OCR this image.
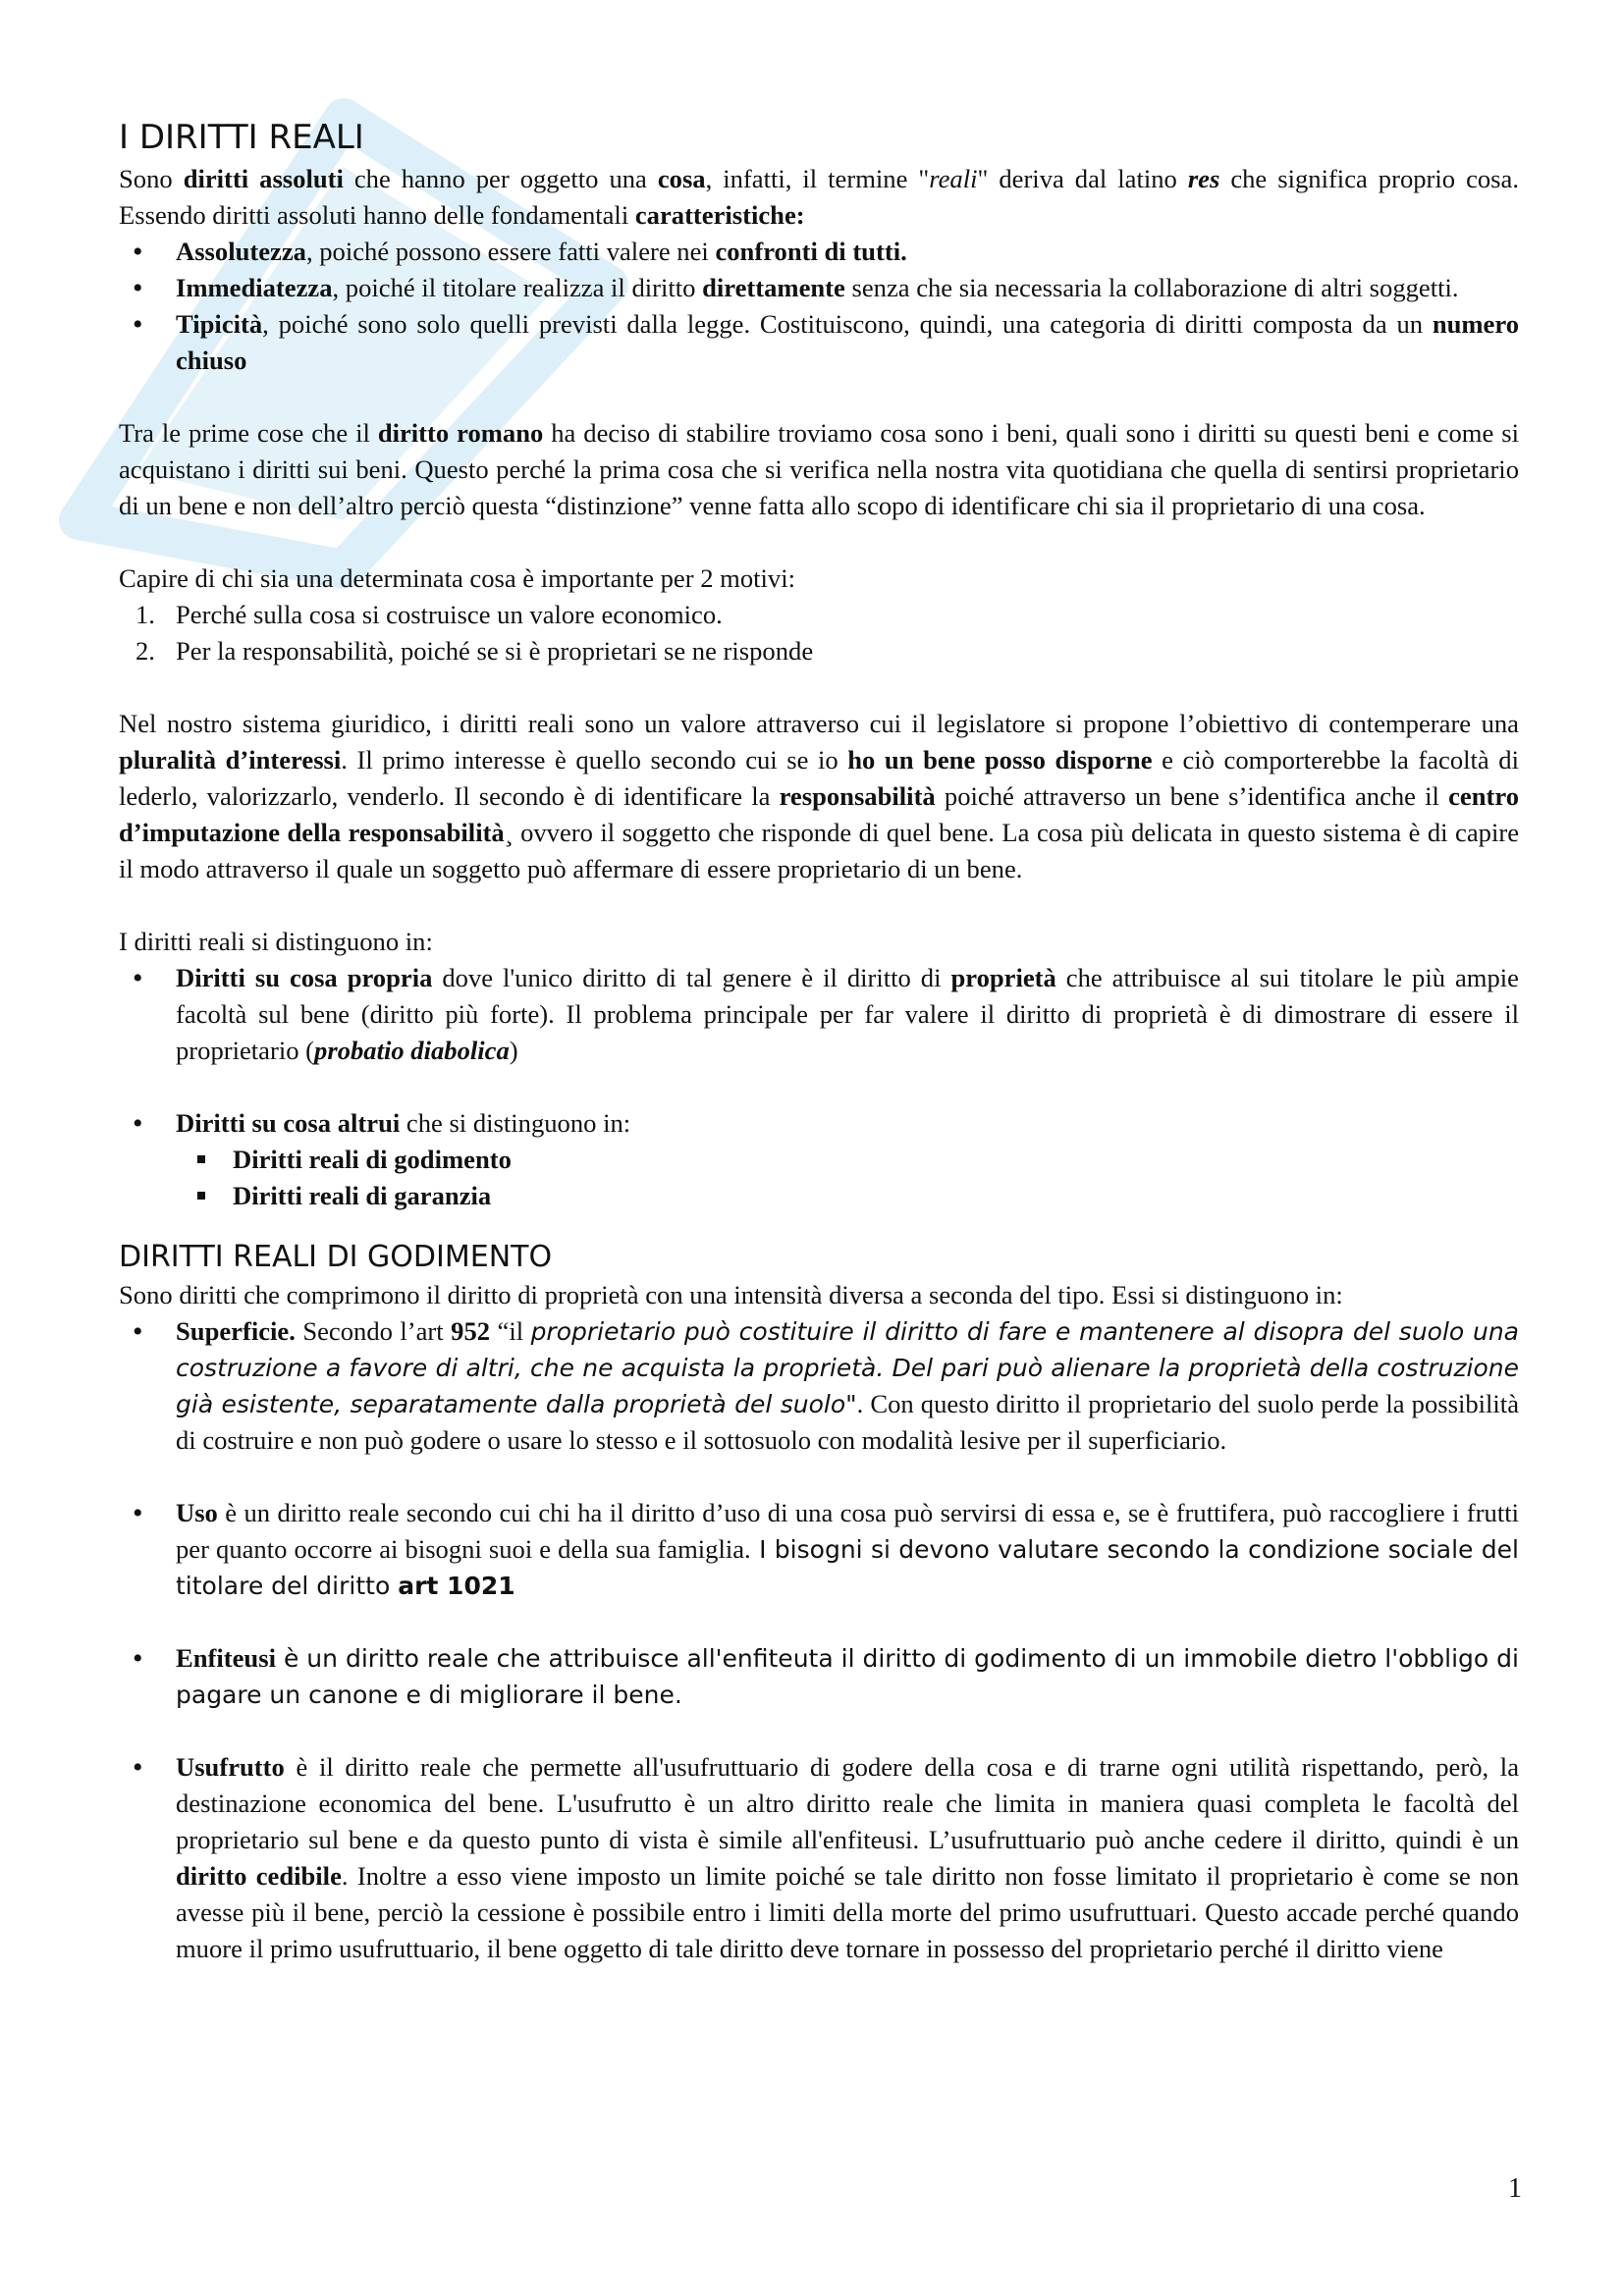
I DIRITTI REALI

Sono diritti assoluti che hanno per oggetto una cosa, infatti, il termine "reali" deriva dal latino res che significa proprio cosa. Essendo diritti assoluti hanno delle fondamentali caratteristiche:

• Assolutezza, poiché possono essere fatti valere nei confronti di tutti.
• Immediatezza, poiché il titolare realizza il diritto direttamente senza che sia necessaria la collaborazione di altri soggetti.
• Tipicità, poiché sono solo quelli previsti dalla legge. Costituiscono, quindi, una categoria di diritti composta da un numero chiuso

Tra le prime cose che il diritto romano ha deciso di stabilire troviamo cosa sono i beni, quali sono i diritti su questi beni e come si acquistano i diritti sui beni. Questo perché la prima cosa che si verifica nella nostra vita quotidiana che quella di sentirsi proprietario di un bene e non dell’altro perciò questa “distinzione” venne fatta allo scopo di identificare chi sia il proprietario di una cosa.

Capire di chi sia una determinata cosa è importante per 2 motivi:

1. Perché sulla cosa si costruisce un valore economico.
2. Per la responsabilità, poiché se si è proprietari se ne risponde

Nel nostro sistema giuridico, i diritti reali sono un valore attraverso cui il legislatore si propone l’obiettivo di contemperare una pluralità d’interessi. Il primo interesse è quello secondo cui se io ho un bene posso disporne e ciò comporterebbe la facoltà di lederlo, valorizzarlo, venderlo. Il secondo è di identificare la responsabilità poiché attraverso un bene s’identifica anche il centro d’imputazione della responsabilità¸ ovvero il soggetto che risponde di quel bene. La cosa più delicata in questo sistema è di capire il modo attraverso il quale un soggetto può affermare di essere proprietario di un bene.

I diritti reali si distinguono in:

• Diritti su cosa propria dove l'unico diritto di tal genere è il diritto di proprietà che attribuisce al sui titolare le più ampie facoltà sul bene (diritto più forte). Il problema principale per far valere il diritto di proprietà è di dimostrare di essere il proprietario (probatio diabolica)
• Diritti su cosa altrui che si distinguono in:
Diritti reali di godimento
Diritti reali di garanzia
DIRITTI REALI DI GODIMENTO

Sono diritti che comprimono il diritto di proprietà con una intensità diversa a seconda del tipo. Essi si distinguono in:

• Superficie. Secondo l’art 952 “il proprietario può costituire il diritto di fare e mantenere al disopra del suolo una costruzione a favore di altri, che ne acquista la proprietà. Del pari può alienare la proprietà della costruzione già esistente, separatamente dalla proprietà del suolo". Con questo diritto il proprietario del suolo perde la possibilità di costruire e non può godere o usare lo stesso e il sottosuolo con modalità lesive per il superficiario.
• Uso è un diritto reale secondo cui chi ha il diritto d’uso di una cosa può servirsi di essa e, se è fruttifera, può raccogliere i frutti per quanto occorre ai bisogni suoi e della sua famiglia. I bisogni si devono valutare secondo la condizione sociale del titolare del diritto art 1021
• Enfiteusi è un diritto reale che attribuisce all'enfiteuta il diritto di godimento di un immobile dietro l'obbligo di pagare un canone e di migliorare il bene.
• Usufrutto è il diritto reale che permette all'usufruttuario di godere della cosa e di trarne ogni utilità rispettando, però, la destinazione economica del bene. L'usufrutto è un altro diritto reale che limita in maniera quasi completa le facoltà del proprietario sul bene e da questo punto di vista è simile all'enfiteusi. L’usufruttuario può anche cedere il diritto, quindi è un diritto cedibile. Inoltre a esso viene imposto un limite poiché se tale diritto non fosse limitato il proprietario è come se non avesse più il bene, perciò la cessione è possibile entro i limiti della morte del primo usufruttuari. Questo accade perché quando muore il primo usufruttuario, il bene oggetto di tale diritto deve tornare in possesso del proprietario perché il diritto viene
1
